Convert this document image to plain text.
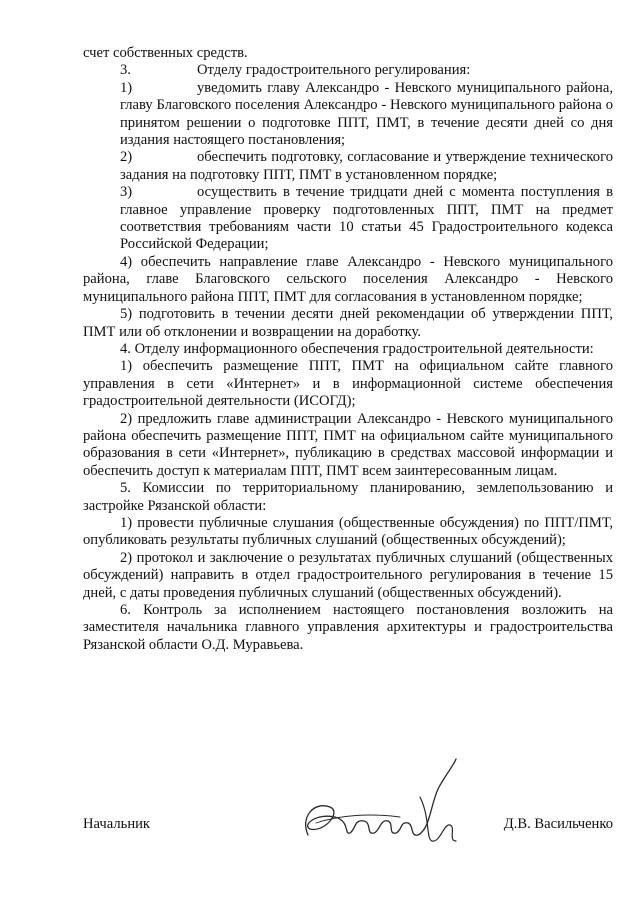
счет собственных средств.

3.	Отделу градостроительного регулирования:

1)	уведомить главу Александро - Невского муниципального района, главу Благовского поселения Александро - Невского муниципального района о принятом решении о подготовке ППТ, ПМТ, в течение десяти дней со дня издания настоящего постановления;

2)	обеспечить подготовку, согласование и утверждение технического задания на подготовку ППТ, ПМТ в установленном порядке;

3)	осуществить в течение тридцати дней с момента поступления в главное управление проверку подготовленных ППТ, ПМТ на предмет соответствия требованиям части 10 статьи 45 Градостроительного кодекса Российской Федерации;

4) обеспечить направление главе Александро - Невского муниципального района, главе Благовского сельского поселения Александро - Невского муниципального района ППТ, ПМТ для согласования в установленном порядке;

5) подготовить в течении десяти дней рекомендации об утверждении ППТ, ПМТ или об отклонении и возвращении на доработку.

4. Отделу информационного обеспечения градостроительной деятельности:

1) обеспечить размещение ППТ, ПМТ на официальном сайте главного управления в сети «Интернет» и в информационной системе обеспечения градостроительной деятельности (ИСОГД);

2) предложить главе администрации Александро - Невского муниципального района обеспечить размещение ППТ, ПМТ на официальном сайте муниципального образования в сети «Интернет», публикацию в средствах массовой информации и обеспечить доступ к материалам ППТ, ПМТ всем заинтересованным лицам.

5. Комиссии по территориальному планированию, землепользованию и застройке Рязанской области:

1) провести публичные слушания (общественные обсуждения) по ППТ/ПМТ, опубликовать результаты публичных слушаний (общественных обсуждений);

2) протокол и заключение о результатах публичных слушаний (общественных обсуждений) направить в отдел градостроительного регулирования в течение 15 дней, с даты проведения публичных слушаний (общественных обсуждений).

6. Контроль за исполнением настоящего постановления возложить на заместителя начальника главного управления архитектуры и градостроительства Рязанской области О.Д. Муравьева.

Начальник	Д.В. Васильченко
